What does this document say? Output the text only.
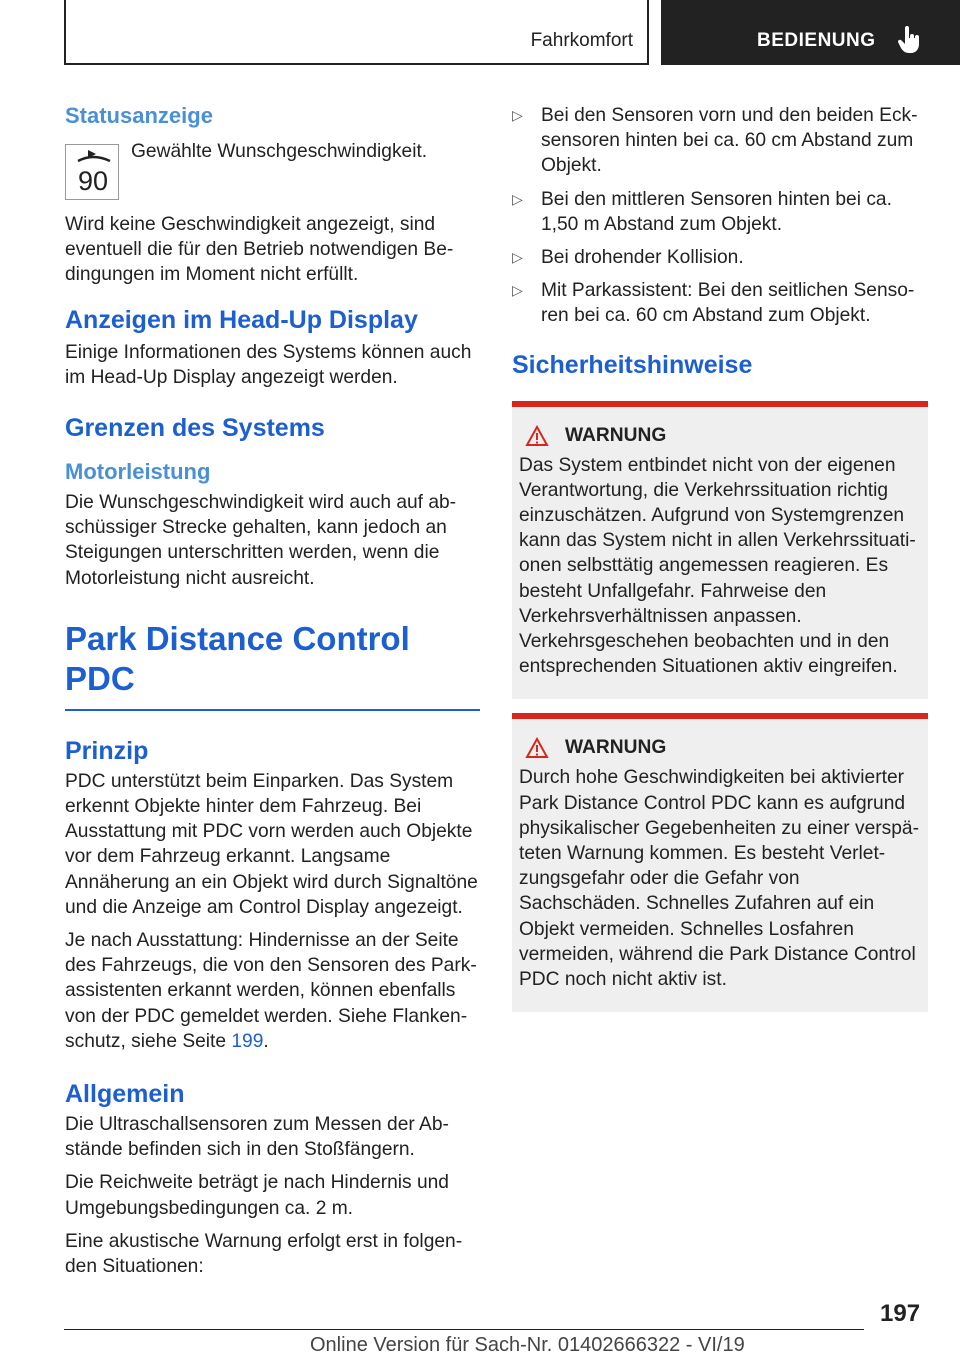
Fahrkomfort	BEDIENUNG
Statusanzeige
90
Gewählte Wunschgeschwindigkeit.

Wird keine Geschwindigkeit angezeigt, sind eventuell die für den Betrieb notwendigen Bedingungen im Moment nicht erfüllt.

Anzeigen im Head-Up Display

Einige Informationen des Systems können auch im Head-Up Display angezeigt werden.

Grenzen des Systems
Motorleistung

Die Wunschgeschwindigkeit wird auch auf abschüssiger Strecke gehalten, kann jedoch an Steigungen unterschritten werden, wenn die Motorleistung nicht ausreicht.

Park Distance Control PDC
Prinzip

PDC unterstützt beim Einparken. Das System erkennt Objekte hinter dem Fahrzeug. Bei Ausstattung mit PDC vorn werden auch Objekte vor dem Fahrzeug erkannt. Langsame Annäherung an ein Objekt wird durch Signaltöne und die Anzeige am Control Display angezeigt.

Je nach Ausstattung: Hindernisse an der Seite des Fahrzeugs, die von den Sensoren des Parkassistenten erkannt werden, können ebenfalls von der PDC gemeldet werden. Siehe Flankenschutz, siehe Seite 199.

Allgemein

Die Ultraschallsensoren zum Messen der Abstände befinden sich in den Stoßfängern.

Die Reichweite beträgt je nach Hindernis und Umgebungsbedingungen ca. 2 m.

Eine akustische Warnung erfolgt erst in folgenden Situationen:

▷ Bei den Sensoren vorn und den beiden Ecksensoren hinten bei ca. 60 cm Abstand zum Objekt.
▷ Bei den mittleren Sensoren hinten bei ca. 1,50 m Abstand zum Objekt.
▷ Bei drohender Kollision.
▷ Mit Parkassistent: Bei den seitlichen Sensoren bei ca. 60 cm Abstand zum Objekt.
Sicherheitshinweise
WARNUNG

Das System entbindet nicht von der eigenen Verantwortung, die Verkehrssituation richtig einzuschätzen. Aufgrund von Systemgrenzen kann das System nicht in allen Verkehrssituationen selbsttätig angemessen reagieren. Es besteht Unfallgefahr. Fahrweise den Verkehrsverhältnissen anpassen. Verkehrsgeschehen beobachten und in den entsprechenden Situationen aktiv eingreifen.

WARNUNG

Durch hohe Geschwindigkeiten bei aktivierter Park Distance Control PDC kann es aufgrund physikalischer Gegebenheiten zu einer verspäteten Warnung kommen. Es besteht Verletzungsgefahr oder die Gefahr von Sachschäden. Schnelles Zufahren auf ein Objekt vermeiden. Schnelles Losfahren vermeiden, während die Park Distance Control PDC noch nicht aktiv ist.

197
Online Version für Sach-Nr. 01402666322 - VI/19
